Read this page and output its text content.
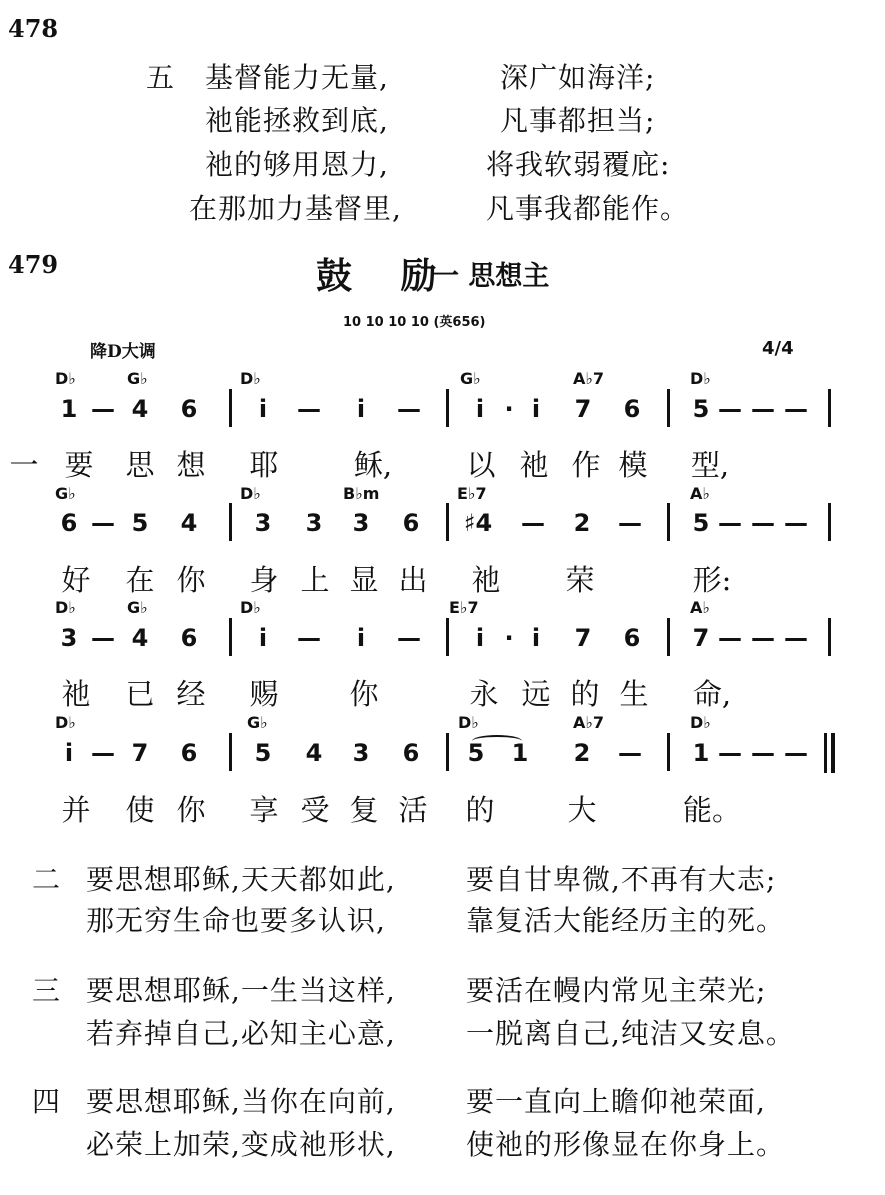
478
五 基督能力无量,	深广如海洋;
祂能拯救到底,	凡事都担当;
祂的够用恩力,	将我软弱覆庇:
在那加力基督里,	凡事我都能作。
479	鼓 励
一 思想主
10 10 10 10 (英656)
降D大调	4/4
D♭	G♭	D♭	G♭	A♭7	D♭
1 — 4 6	i — i — i · i 7 6 5 — — —
一 要 思 想 耶	稣,	以 祂 作 模 型,
G♭	D♭	B♭m	E♭7	A♭
6 — 5 4 3 3 3 6 ♯4 — 2 — 5 — — —
好 在 你 身 上 显 出 祂 荣	形:
D♭	G♭	D♭	E♭7	A♭
3 — 4 6	i — i — i · i 7 6 7 — — —
祂 已 经 赐 你	永 远 的 生 命,
D♭	G♭	D♭	A♭7	D♭
i — 7 6 5 4 3 6 5 1 2 — 1 — — —
并 使 你 享 受 复 活 的	大	能。
二 要思想耶稣,天天都如此,	要自甘卑微,不再有大志;
那无穷生命也要多认识,	靠复活大能经历主的死。
三 要思想耶稣,一生当这样,	要活在幔内常见主荣光;
若弃掉自己,必知主心意,	一脱离自己,纯洁又安息。
四 要思想耶稣,当你在向前,	要一直向上瞻仰祂荣面,
必荣上加荣,变成祂形状,	使祂的形像显在你身上。
